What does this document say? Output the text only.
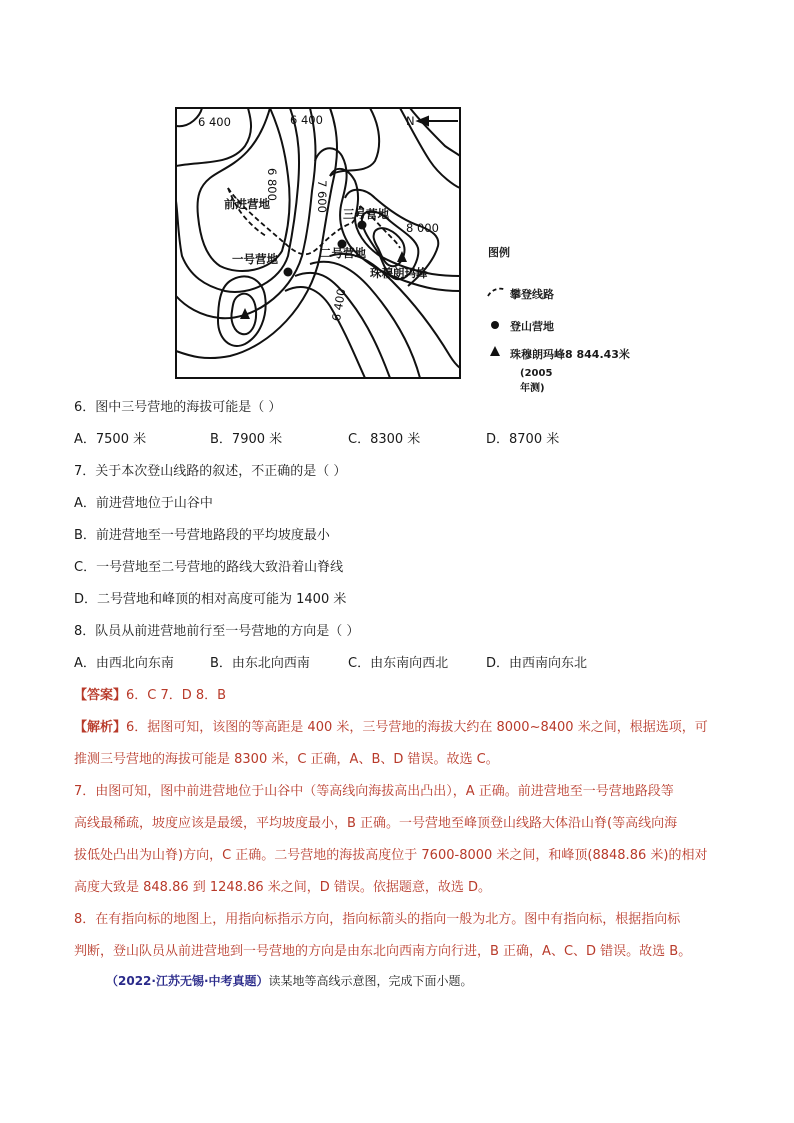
N
6 400	6 400
6 800	7 600
8 000
6 400
前进营地
一号营地	二号营地
三号营地
珠穆朗玛峰
图例
攀登线路
登山营地
珠穆朗玛峰8 844.43米
(2005年测)
6．图中三号营地的海拔可能是（ ）
A．7500 米	B．7900 米	C．8300 米	D．8700 米
7．关于本次登山线路的叙述，不正确的是（ ）
A．前进营地位于山谷中
B．前进营地至一号营地路段的平均坡度最小
C．一号营地至二号营地的路线大致沿着山脊线
D．二号营地和峰顶的相对高度可能为 1400 米
8．队员从前进营地前行至一号营地的方向是（ ）
A．由西北向东南	B．由东北向西南	C．由东南向西北	D．由西南向东北
【答案】6．C 7．D 8．B
【解析】6．据图可知，该图的等高距是 400 米，三号营地的海拔大约在 8000~8400 米之间，根据选项，可
推测三号营地的海拔可能是 8300 米，C 正确，A、B、D 错误。故选 C。
7．由图可知，图中前进营地位于山谷中（等高线向海拔高出凸出），A 正确。前进营地至一号营地路段等
高线最稀疏，坡度应该是最缓，平均坡度最小，B 正确。一号营地至峰顶登山线路大体沿山脊(等高线向海
拔低处凸出为山脊)方向，C 正确。二号营地的海拔高度位于 7600-8000 米之间，和峰顶(8848.86 米)的相对
高度大致是 848.86 到 1248.86 米之间，D 错误。依据题意，故选 D。
8．在有指向标的地图上，用指向标指示方向，指向标箭头的指向一般为北方。图中有指向标，根据指向标
判断，登山队员从前进营地到一号营地的方向是由东北向西南方向行进，B 正确，A、C、D 错误。故选 B。
（2022·江苏无锡·中考真题）读某地等高线示意图，完成下面小题。
